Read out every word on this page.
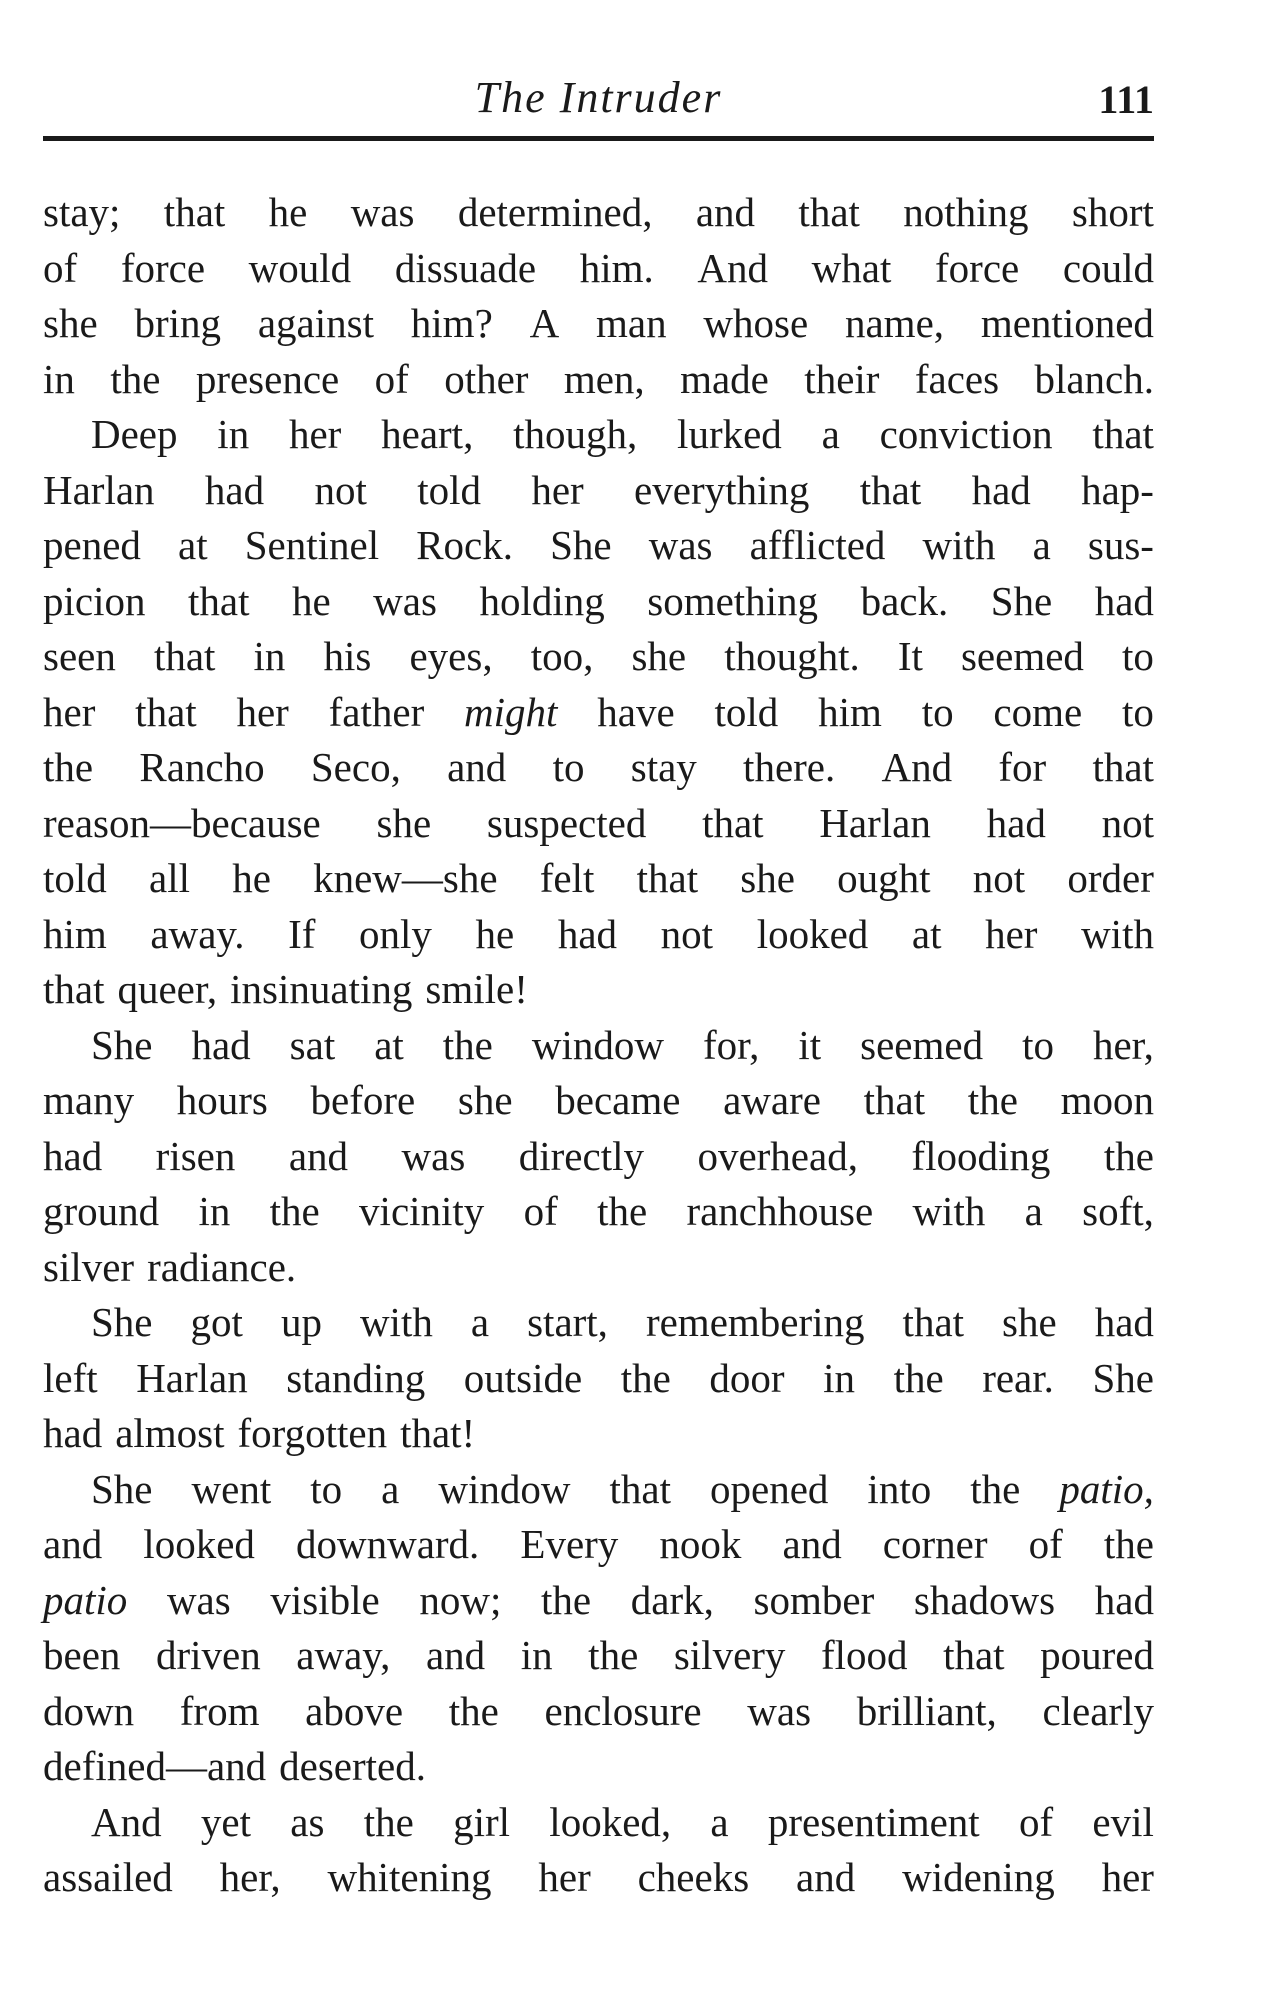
The Intruder	111
stay; that he was determined, and that nothing short
of force would dissuade him. And what force could
she bring against him? A man whose name, mentioned
in the presence of other men, made their faces blanch.
Deep in her heart, though, lurked a conviction that
Harlan had not told her everything that had hap-
pened at Sentinel Rock. She was afflicted with a sus-
picion that he was holding something back. She had
seen that in his eyes, too, she thought. It seemed to
her that her father might have told him to come to
the Rancho Seco, and to stay there. And for that
reason—because she suspected that Harlan had not
told all he knew—she felt that she ought not order
him away. If only he had not looked at her with
that queer, insinuating smile!
She had sat at the window for, it seemed to her,
many hours before she became aware that the moon
had risen and was directly overhead, flooding the
ground in the vicinity of the ranchhouse with a soft,
silver radiance.
She got up with a start, remembering that she had
left Harlan standing outside the door in the rear. She
had almost forgotten that!
She went to a window that opened into the patio,
and looked downward. Every nook and corner of the
patio was visible now; the dark, somber shadows had
been driven away, and in the silvery flood that poured
down from above the enclosure was brilliant, clearly
defined—and deserted.
And yet as the girl looked, a presentiment of evil
assailed her, whitening her cheeks and widening her
